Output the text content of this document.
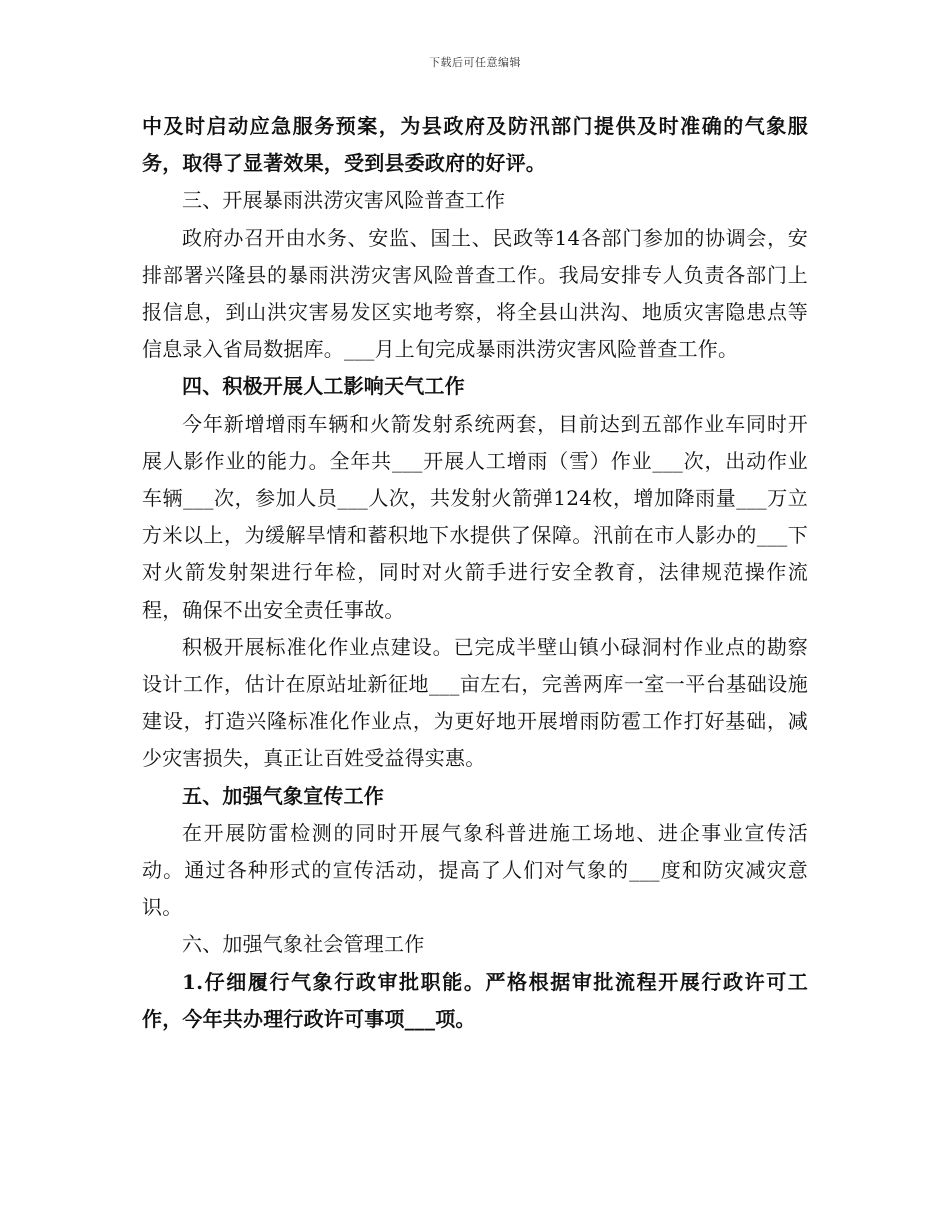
下载后可任意编辑

中及时启动应急服务预案，为县政府及防汛部门提供及时准确的气象服务，取得了显著效果，受到县委政府的好评。

三、开展暴雨洪涝灾害风险普查工作

政府办召开由水务、安监、国土、民政等14各部门参加的协调会，安排部署兴隆县的暴雨洪涝灾害风险普查工作。我局安排专人负责各部门上报信息，到山洪灾害易发区实地考察，将全县山洪沟、地质灾害隐患点等信息录入省局数据库。___月上旬完成暴雨洪涝灾害风险普查工作。

四、积极开展人工影响天气工作

今年新增增雨车辆和火箭发射系统两套，目前达到五部作业车同时开展人影作业的能力。全年共___开展人工增雨（雪）作业___次，出动作业车辆___次，参加人员___人次，共发射火箭弹124枚，增加降雨量___万立方米以上，为缓解旱情和蓄积地下水提供了保障。汛前在市人影办的___下对火箭发射架进行年检，同时对火箭手进行安全教育，法律规范操作流程，确保不出安全责任事故。

积极开展标准化作业点建设。已完成半壁山镇小碌洞村作业点的勘察设计工作，估计在原站址新征地___亩左右，完善两库一室一平台基础设施建设，打造兴隆标准化作业点，为更好地开展增雨防雹工作打好基础，减少灾害损失，真正让百姓受益得实惠。

五、加强气象宣传工作

在开展防雷检测的同时开展气象科普进施工场地、进企事业宣传活动。通过各种形式的宣传活动，提高了人们对气象的___度和防灾减灾意识。

六、加强气象社会管理工作

1.仔细履行气象行政审批职能。严格根据审批流程开展行政许可工作，今年共办理行政许可事项___项。
